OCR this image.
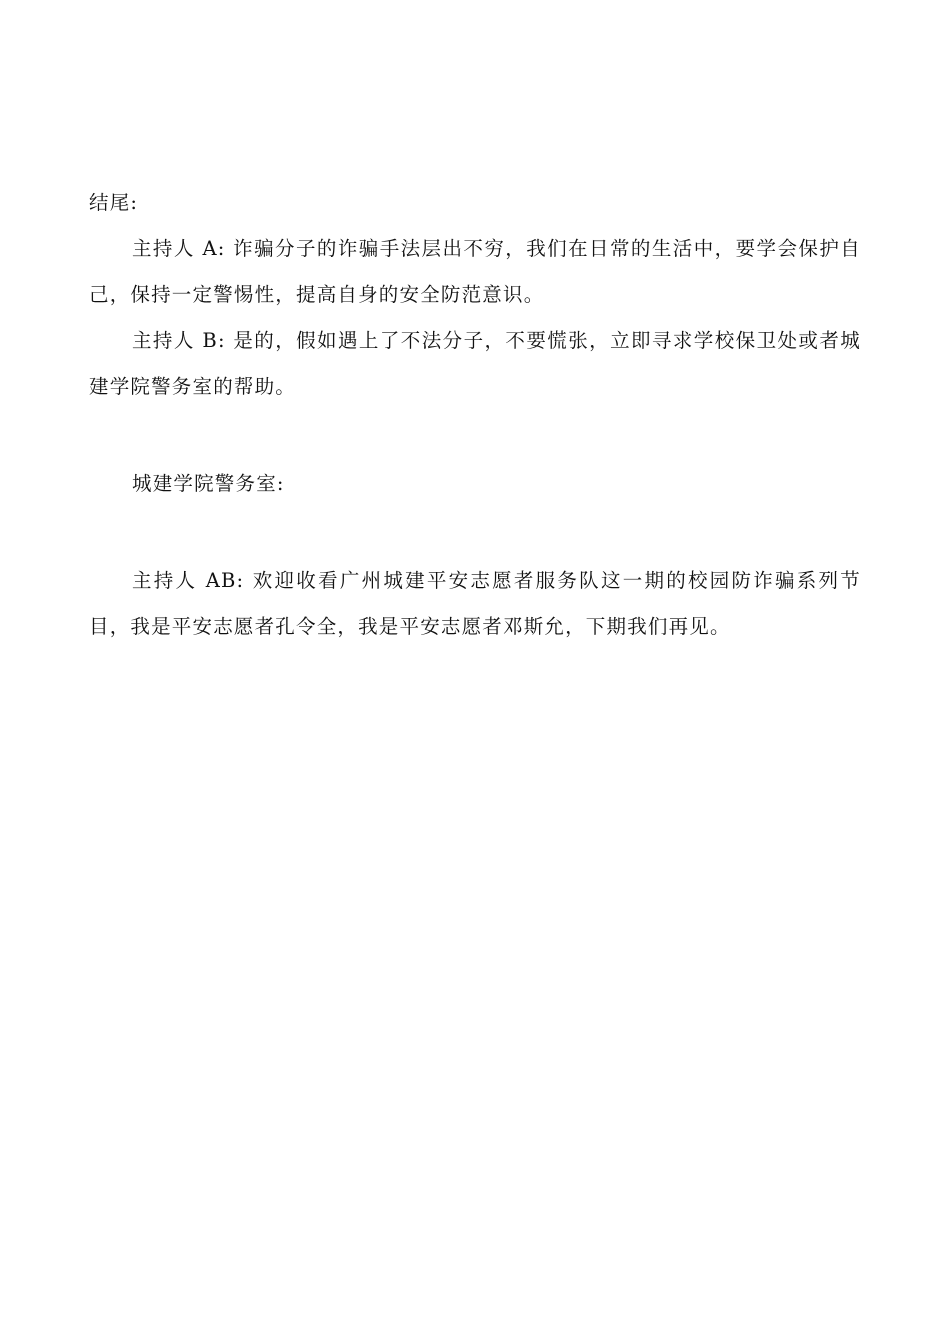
结尾:

主持人 A: 诈骗分子的诈骗手法层出不穷，我们在日常的生活中，要学会保护自己，保持一定警惕性，提高自身的安全防范意识。

主持人 B: 是的，假如遇上了不法分子，不要慌张，立即寻求学校保卫处或者城建学院警务室的帮助。

城建学院警务室:

主持人 AB: 欢迎收看广州城建平安志愿者服务队这一期的校园防诈骗系列节目，我是平安志愿者孔令全，我是平安志愿者邓斯允，下期我们再见。
